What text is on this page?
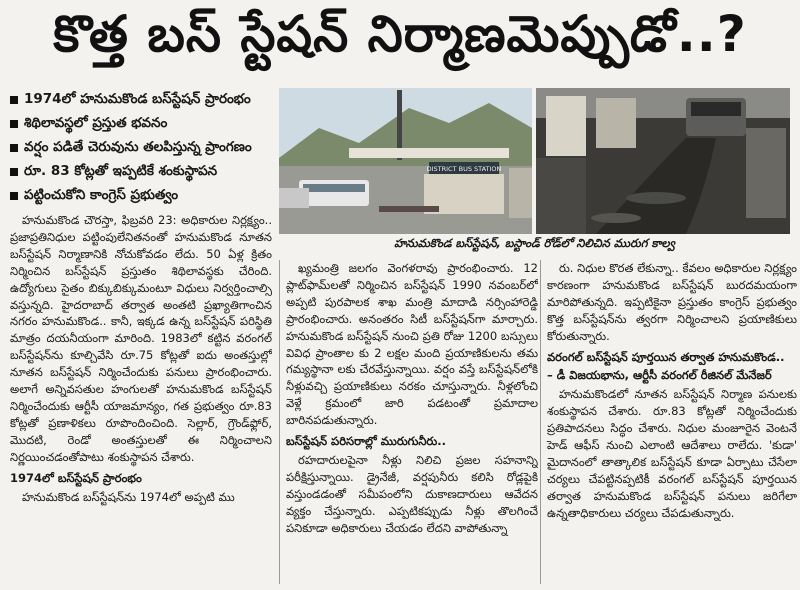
కొత్త బస్ స్టేషన్ నిర్మాణమెప్పుడో..?
1974లో హనుమకొండ బస్‌స్టేషన్ ప్రారంభం
శిథిలావస్థలో ప్రస్తుత భవనం
వర్షం పడితే చెరువును తలపిస్తున్న ప్రాంగణం
రూ. 83 కోట్లతో ఇప్పటికే శంకుస్థాపన
పట్టించుకోని కాంగ్రెస్ ప్రభుత్వం
DISTRICT BUS STATION
హనుమకొండ బస్‌స్టేషన్, బస్టాండ్ రోడ్‌లో నిలిచిన మురుగ కాల్వ

హనుమకొండ చౌరస్తా, ఫిబ్రవరి 23: అధికారుల నిర్లక్ష్యం.. ప్రజాప్రతినిధుల పట్టింపులేనితనంతో హనుమకొండ నూతన బస్‌స్టేషన్ నిర్మాణానికి నోచుకోవడం లేదు. 50 ఏళ్ల క్రితం నిర్మించిన బస్‌స్టేషన్ ప్రస్తుతం శిథిలావస్థకు చేరింది. ఉద్యోగులు సైతం బిక్కుబిక్కుమంటూ విధులు నిర్వర్తించాల్సి వస్తున్నది. హైదరాబాద్ తర్వాత అంతటి ప్రఖ్యాతిగాంచిన నగరం హనుమకొండ.. కానీ, ఇక్కడ ఉన్న బస్‌స్టేషన్ పరిస్థితి మాత్రం దయనీయంగా మారింది. 1983లో కట్టిన వరంగల్ బస్‌స్టేషన్‌ను కూల్చివేసి రూ.75 కోట్లతో ఐదు అంతస్తుల్లో నూతన బస్‌స్టేషన్ నిర్మించేందుకు పనులు ప్రారంభించారు. అలాగే అన్నివసతుల హంగులతో హనుమకొండ బస్‌స్టేషన్ నిర్మించేందుకు ఆర్టీసీ యాజమాన్యం, గత ప్రభుత్వం రూ.83 కోట్లతో ప్రణాళికలు రూపొందించింది. సెల్లార్, గ్రౌండ్‌ఫ్లోర్, మొదటి, రెండో అంతస్తులతో ఈ నిర్మించాలని నిర్ణయించడంతోపాటు శంకుస్థాపన చేశారు.

1974లో బస్‌స్టేషన్ ప్రారంభం

హనుమకొండ బస్‌స్టేషన్‌ను 1974లో అప్పటి ము

ఖ్యమంత్రి జలగం వెంగళరావు ప్రారంభించారు. 12 ప్లాట్‌ఫామ్‌లతో నిర్మించిన బస్‌స్టేషన్ 1990 నవంబర్‌లో అప్పటి పురపాలక శాఖ మంత్రి మాదాడి నర్సింహారెడ్డి ప్రారంభించారు. అనంతరం సిటీ బస్‌స్టేషన్‌గా మార్చారు. హనుమకొండ బస్‌స్టేషన్ నుంచి ప్రతి రోజు 1200 బస్సులు వివిధ ప్రాంతాల కు 2 లక్షల మంది ప్రయాణికులను తమ గమ్యస్థానా లకు చేరవేస్తున్నాయి. వర్షం వస్తే బస్‌స్టేషన్‌లోకి నీళ్లువచ్చి ప్రయాణికులు నరకం చూస్తున్నారు. నీళ్లలోంచి వెళ్లే క్రమంలో జారి పడటంతో ప్రమాదాల బారినపడుతున్నారు.

బస్‌స్టేషన్ పరిసరాల్లో మురుగునీరు..

రహదారులపైనా నీళ్లు నిలిచి ప్రజల సహనాన్ని పరీక్షిస్తున్నాయి. డ్రైనేజీ, వర్షపునీరు కలిసి రోడ్లపైకి వస్తుండడంతో సమీపంలోని దుకాణదారులు ఆవేదన వ్యక్తం చేస్తున్నారు. ఎప్పటికప్పుడు నీళ్లు తొలగించే పనికూడా అధికారులు చేయడం లేదని వాపోతున్నా

రు. నిధుల కొరత లేకున్నా.. కేవలం అధికారుల నిర్లక్ష్యం కారణంగా హనుమకొండ బస్‌స్టేషన్ బురదమయంగా మారిపోతున్నది. ఇప్పటికైనా ప్రస్తుతం కాంగ్రెస్ ప్రభుత్వం కొత్త బస్‌స్టేషన్‌ను త్వరగా నిర్మించాలని ప్రయాణికులు కోరుతున్నారు.

వరంగల్ బస్‌స్టేషన్ పూర్తయిన తర్వాత హనుమకొండ..

– డీ విజయభాను, ఆర్టీసీ వరంగల్ రీజినల్ మేనేజర్

హనుమకొండలో నూతన బస్‌స్టేషన్ నిర్మాణ పనులకు శంకుస్థాపన చేశారు. రూ.83 కోట్లతో నిర్మించేందుకు ప్రతిపాదనలు సిద్ధం చేశారు. నిధుల మంజూరైన వెంటనే హెడ్ ఆఫీస్ నుంచి ఎలాంటి ఆదేశాలు రాలేదు. 'కుడా' మైదానంలో తాత్కాలిక బస్‌స్టేషన్ కూడా ఏర్పాటు చేసేలా చర్యలు చేపట్టినప్పటికీ వరంగల్ బస్‌స్టేషన్ పూర్తయిన తర్వాత హనుమకొండ బస్‌స్టేషన్ పనులు జరిగేలా ఉన్నతాధికారులు చర్యలు చేపడుతున్నారు.
